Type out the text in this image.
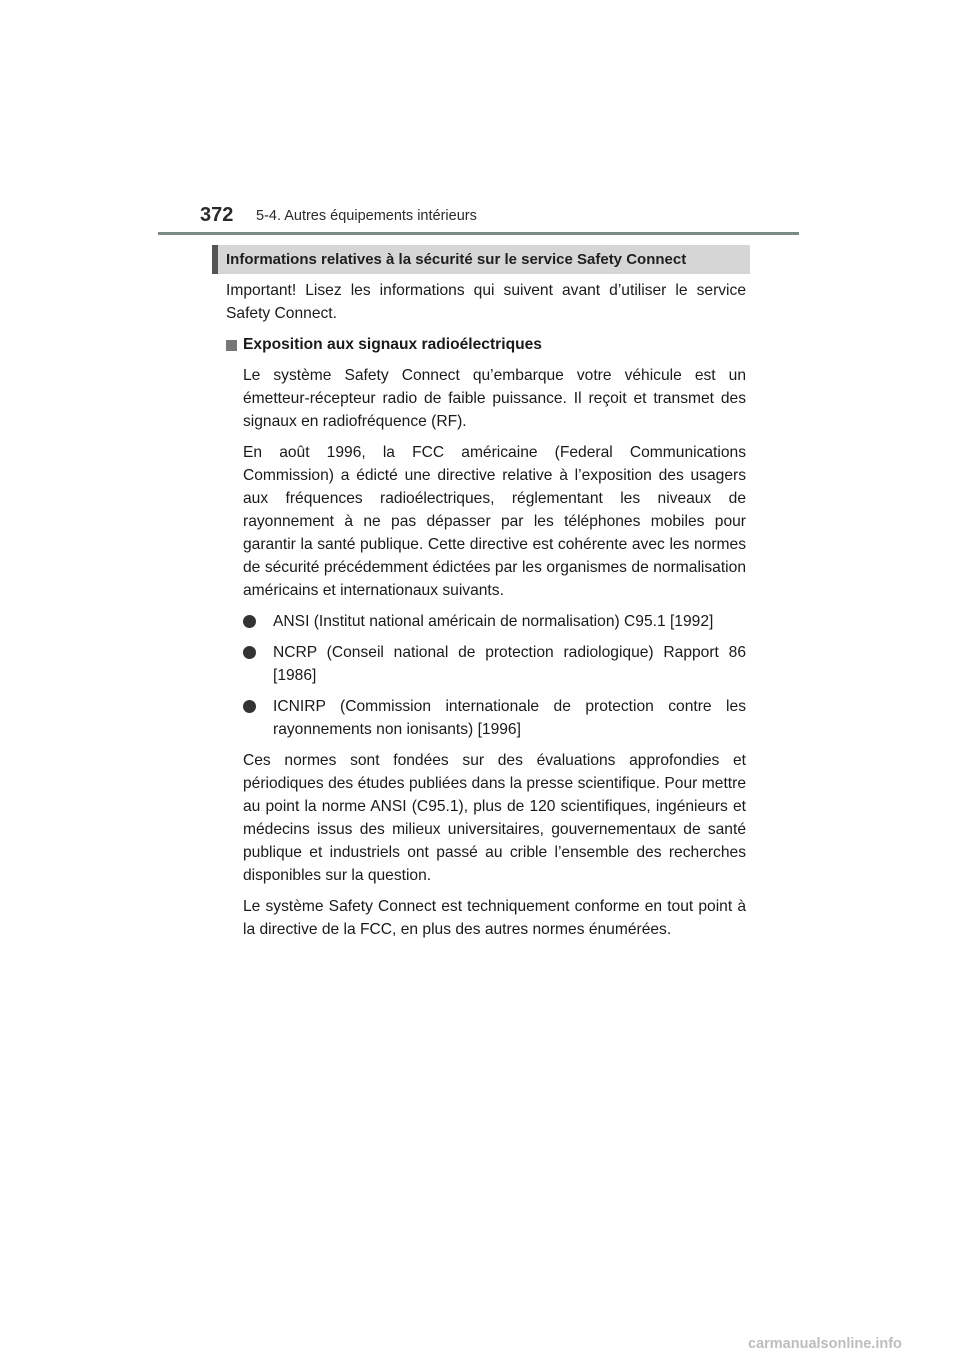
372 5-4. Autres équipements intérieurs
Informations relatives à la sécurité sur le service Safety Connect

Important! Lisez les informations qui suivent avant d’utiliser le service Safety Connect.

Exposition aux signaux radioélectriques

Le système Safety Connect qu’embarque votre véhicule est un émetteur-récepteur radio de faible puissance. Il reçoit et transmet des signaux en radiofréquence (RF).

En août 1996, la FCC américaine (Federal Communications Commission) a édicté une directive relative à l’exposition des usagers aux fréquences radioélectriques, réglementant les niveaux de rayonnement à ne pas dépasser par les téléphones mobiles pour garantir la santé publique. Cette directive est cohérente avec les normes de sécurité précédemment édictées par les organismes de normalisation américains et internationaux suivants.

ANSI (Institut national américain de normalisation) C95.1 [1992]

NCRP (Conseil national de protection radiologique) Rapport 86 [1986]

ICNIRP (Commission internationale de protection contre les rayonnements non ionisants) [1996]

Ces normes sont fondées sur des évaluations approfondies et périodiques des études publiées dans la presse scientifique. Pour mettre au point la norme ANSI (C95.1), plus de 120 scientifiques, ingénieurs et médecins issus des milieux universitaires, gouvernementaux de santé publique et industriels ont passé au crible l’ensemble des recherches disponibles sur la question.

Le système Safety Connect est techniquement conforme en tout point à la directive de la FCC, en plus des autres normes énumérées.

carmanualsonline.info
